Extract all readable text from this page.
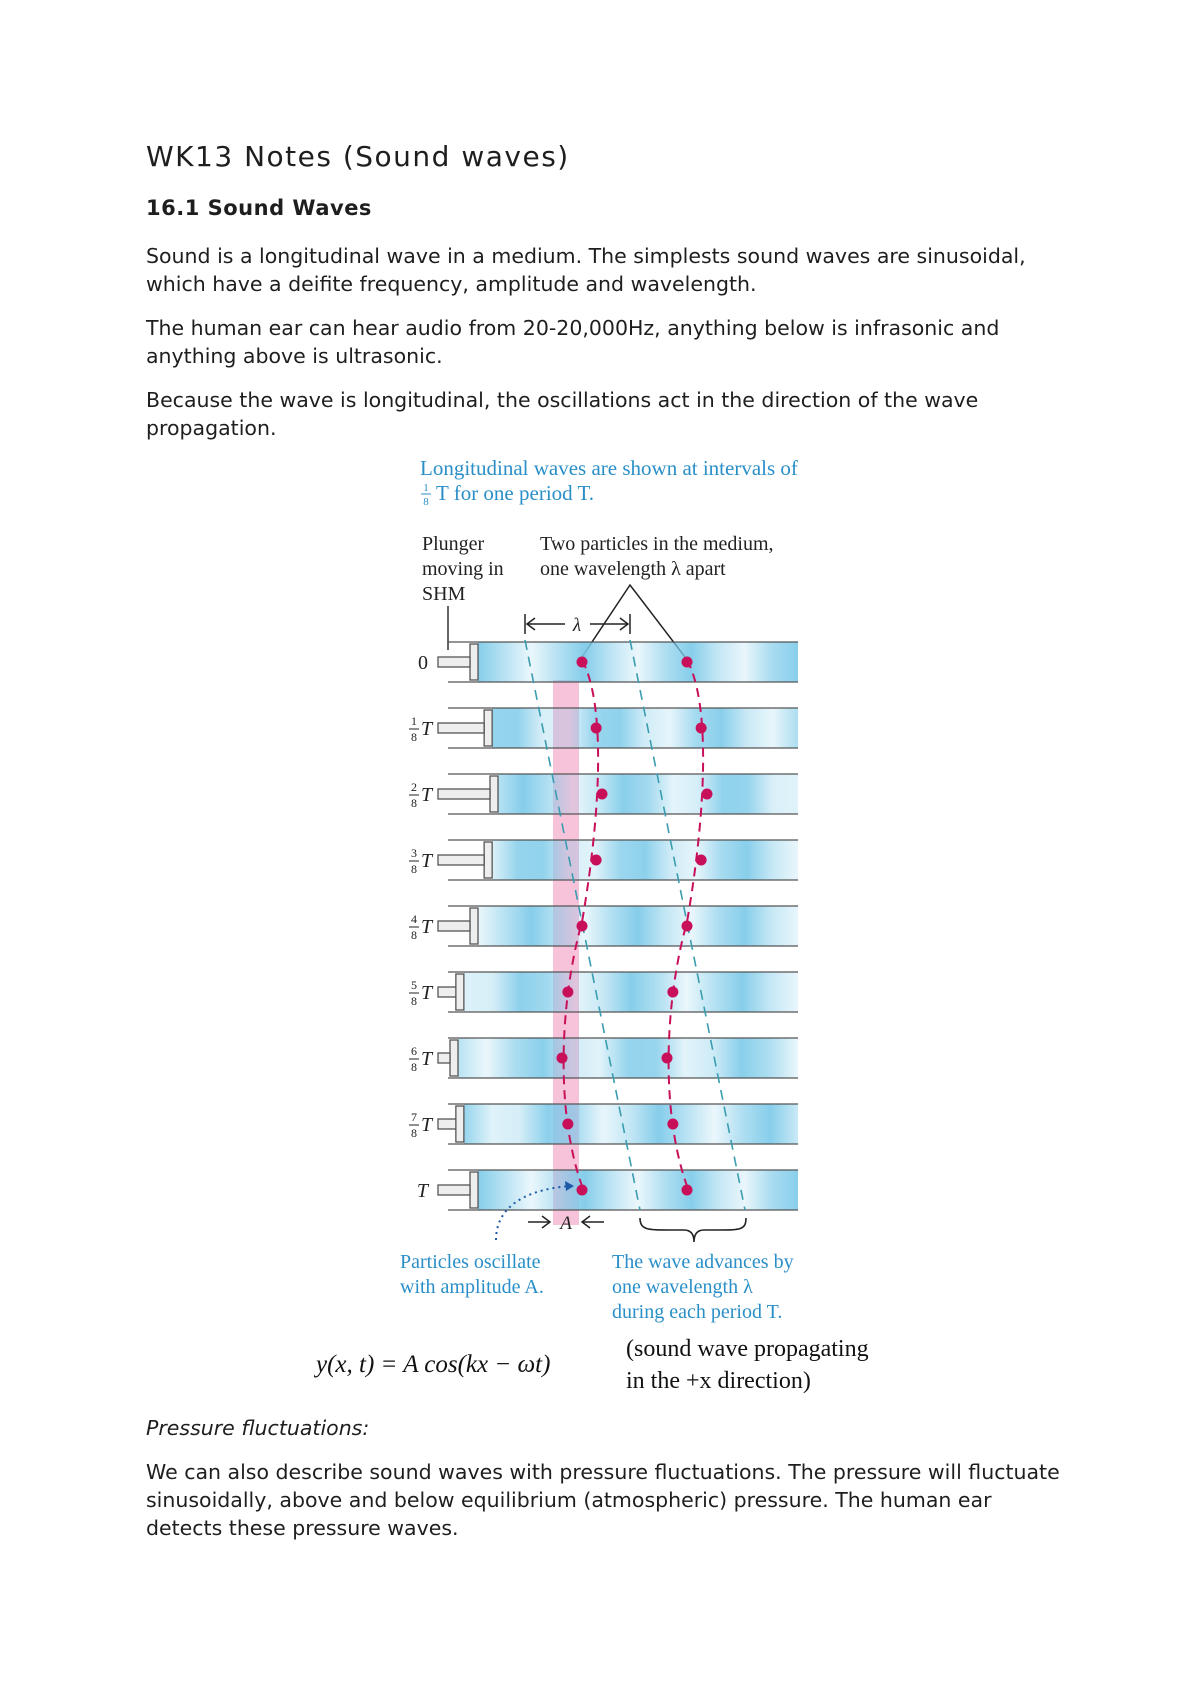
WK13 Notes (Sound waves)
16.1 Sound Waves

Sound is a longitudinal wave in a medium. The simplests sound waves are sinusoidal, which have a deifite frequency, amplitude and wavelength.

The human ear can hear audio from 20-20,000Hz, anything below is infrasonic and anything above is ultrasonic.

Because the wave is longitudinal, the oscillations act in the direction of the wave propagation.

Pressure fluctuations:

We can also describe sound waves with pressure fluctuations. The pressure will fluctuate sinusoidally, above and below equilibrium (atmospheric) pressure. The human ear detects these pressure waves.

Longitudinal waves are shown at intervals of
1
8 T for one period T.
Plunger
moving in
SHM
Two particles in the medium,
one wavelength λ apart
λ
0
1
8 T
2
8 T
3
8 T
4
8 T
5
8 T
6
8 T
7
8 T
T
A
Particles oscillate
with amplitude A.
The wave advances by
one wavelength λ
during each period T.
y(x, t) = A cos(kx − ωt)
(sound wave propagating
in the +x direction)
